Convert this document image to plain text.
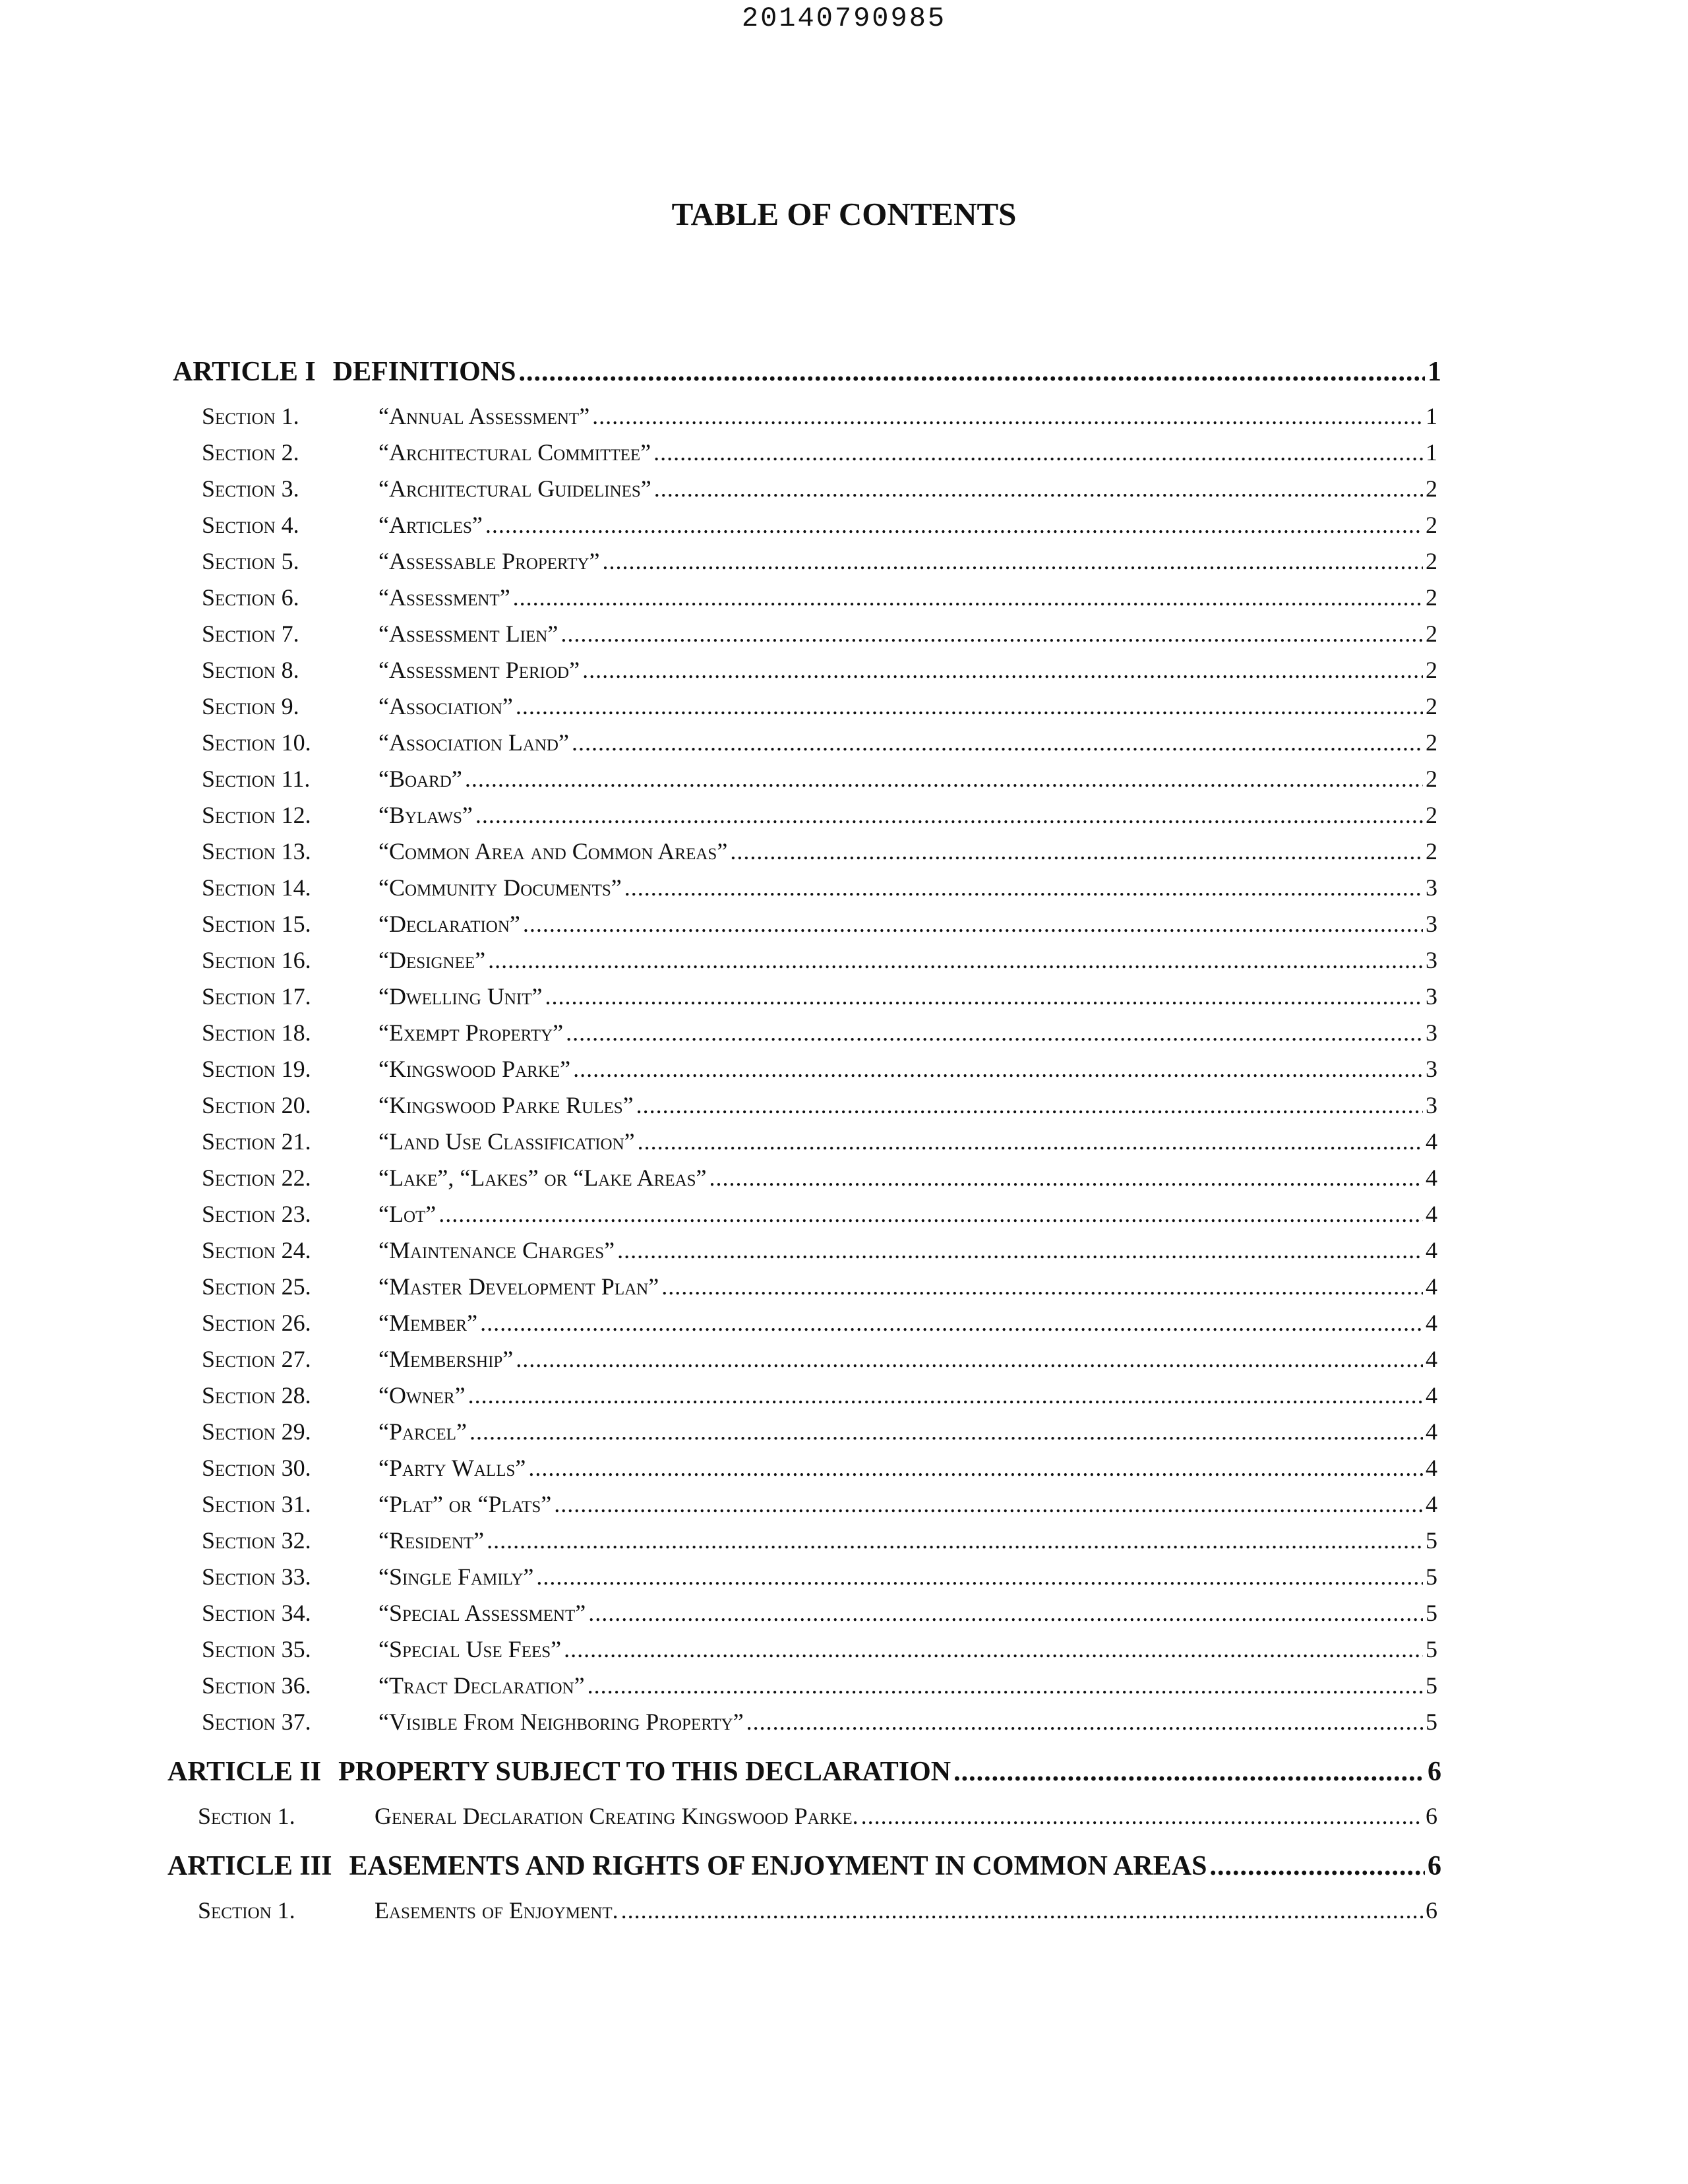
20140790985
TABLE OF CONTENTS
ARTICLE I DEFINITIONS .....	1
Section 1.	“Annual Assessment” .....	1
Section 2.	“Architectural Committee” .....	1
Section 3.	“Architectural Guidelines” .....	2
Section 4.	“Articles” .....	2
Section 5.	“Assessable Property” .....	2
Section 6.	“Assessment” .....	2
Section 7.	“Assessment Lien” .....	2
Section 8.	“Assessment Period” .....	2
Section 9.	“Association” .....	2
Section 10.	“Association Land” .....	2
Section 11.	“Board” .....	2
Section 12.	“Bylaws” .....	2
Section 13.	“Common Area and Common Areas” .....	2
Section 14.	“Community Documents” .....	3
Section 15.	“Declaration” .....	3
Section 16.	“Designee” .....	3
Section 17.	“Dwelling Unit” .....	3
Section 18.	“Exempt Property” .....	3
Section 19.	“Kingswood Parke” .....	3
Section 20.	“Kingswood Parke Rules” .....	3
Section 21.	“Land Use Classification” .....	4
Section 22.	“Lake”, “Lakes” or “Lake Areas” .....	4
Section 23.	“Lot” .....	4
Section 24.	“Maintenance Charges” .....	4
Section 25.	“Master Development Plan” .....	4
Section 26.	“Member” .....	4
Section 27.	“Membership” .....	4
Section 28.	“Owner” .....	4
Section 29.	“Parcel” .....	4
Section 30.	“Party Walls” .....	4
Section 31.	“Plat” or “Plats” .....	4
Section 32.	“Resident” .....	5
Section 33.	“Single Family” .....	5
Section 34.	“Special Assessment” .....	5
Section 35.	“Special Use Fees” .....	5
Section 36.	“Tract Declaration” .....	5
Section 37.	“Visible From Neighboring Property” .....	5
ARTICLE II PROPERTY SUBJECT TO THIS DECLARATION .....	6
Section 1.	General Declaration Creating Kingswood Parke. .....	6
ARTICLE III EASEMENTS AND RIGHTS OF ENJOYMENT IN COMMON AREAS .....	6
Section 1.	Easements of Enjoyment. .....	6
